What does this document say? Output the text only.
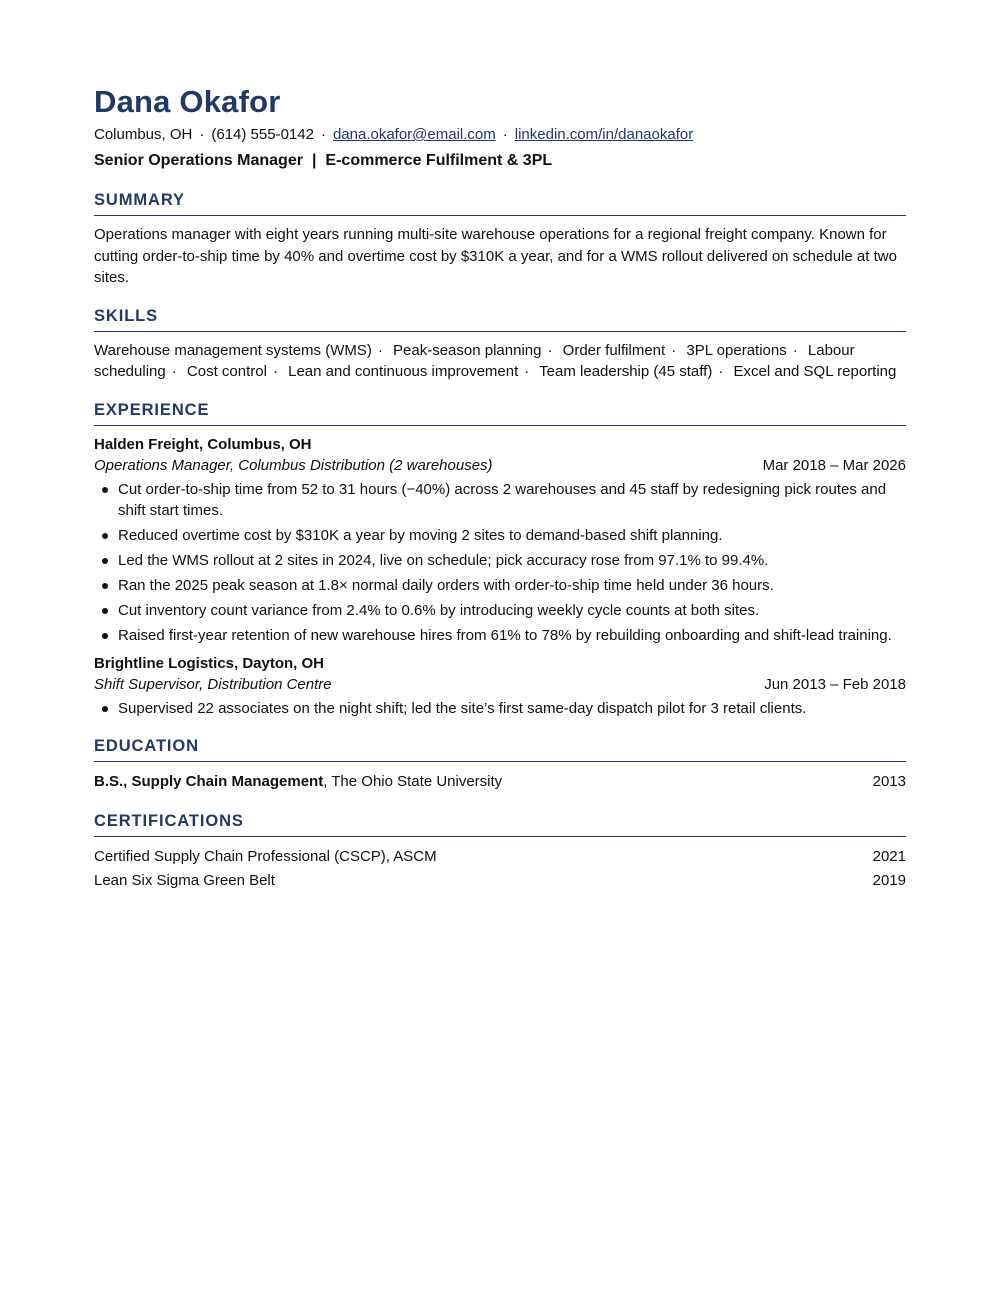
Dana Okafor
Columbus, OH · (614) 555-0142 · dana.okafor@email.com · linkedin.com/in/danaokafor
Senior Operations Manager | E-commerce Fulfilment & 3PL
SUMMARY
Operations manager with eight years running multi-site warehouse operations for a regional freight company. Known for cutting order-to-ship time by 40% and overtime cost by $310K a year, and for a WMS rollout delivered on schedule at two sites.
SKILLS
Warehouse management systems (WMS) · Peak-season planning · Order fulfilment · 3PL operations · Labour scheduling · Cost control · Lean and continuous improvement · Team leadership (45 staff) · Excel and SQL reporting
EXPERIENCE
Halden Freight, Columbus, OH
Operations Manager, Columbus Distribution (2 warehouses)	Mar 2018 – Mar 2026
Cut order-to-ship time from 52 to 31 hours (−40%) across 2 warehouses and 45 staff by redesigning pick routes and shift start times.
Reduced overtime cost by $310K a year by moving 2 sites to demand-based shift planning.
Led the WMS rollout at 2 sites in 2024, live on schedule; pick accuracy rose from 97.1% to 99.4%.
Ran the 2025 peak season at 1.8× normal daily orders with order-to-ship time held under 36 hours.
Cut inventory count variance from 2.4% to 0.6% by introducing weekly cycle counts at both sites.
Raised first-year retention of new warehouse hires from 61% to 78% by rebuilding onboarding and shift-lead training.
Brightline Logistics, Dayton, OH
Shift Supervisor, Distribution Centre	Jun 2013 – Feb 2018
Supervised 22 associates on the night shift; led the site’s first same-day dispatch pilot for 3 retail clients.
EDUCATION
B.S., Supply Chain Management, The Ohio State University	2013
CERTIFICATIONS
Certified Supply Chain Professional (CSCP), ASCM	2021
Lean Six Sigma Green Belt	2019
